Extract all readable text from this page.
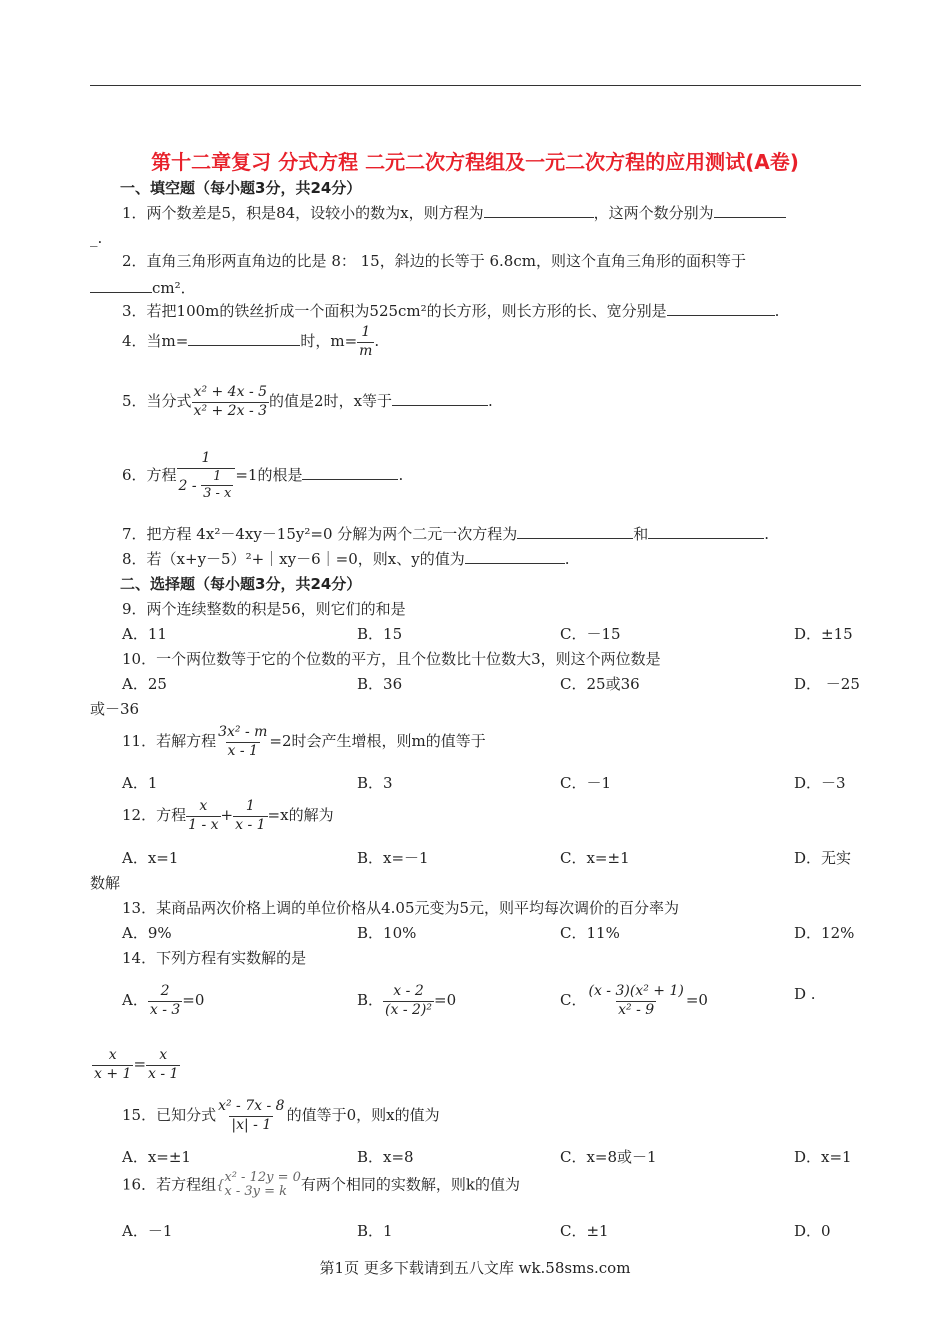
第十二章复习 分式方程 二元二次方程组及一元二次方程的应用测试(A卷)
一、填空题（每小题3分，共24分）
1．两个数差是5，积是84，设较小的数为x，则方程为	，这两个数分别为
_.
2．直角三角形两直角边的比是 8： 15，斜边的长等于 6.8cm，则这个直角三角形的面积等于
cm²．
3．若把100m的铁丝折成一个面积为525cm²的长方形，则长方形的长、宽分别是	.
4．当m=	时，$m= \frac{1}{m}$ .
5．当分式 $\frac{\text{x² + 4x - 5}}{\text{x² + 2x - 3}}$ 的值是2时，x等于	.
6．方程 $\frac{1}{2 - \frac{1}{3 - x}} =1$的根是	.
7．把方程 4x²－4xy－15y²=0 分解为两个二元一次方程为	和	.
8．若（x+y－5）²+｜xy－6｜=0，则x、y的值为	.
二、选择题（每小题3分，共24分）
9．两个连续整数的积是56，则它们的和是
A．11	B．15	C．－15	D．±15
10．一个两位数等于它的个位数的平方，且个位数比十位数大3，则这个两位数是
A．25	B．36	C．25或36	D． －25
或－36
11．若解方程 $\frac{\text{3x² - m}}{x - 1} =2$时会产生增根，则m的值等于
A．1	B．3	C．－1	D．－3
12．方程 $\frac{x}{1 - x} + \frac{1}{x - 1} =x$的解为
A．x=1	B．x=－1	C．x=±1	D．无实
数解
13．某商品两次价格上调的单位价格从4.05元变为5元，则平均每次调价的百分率为
A．9%	B．10%	C．11%	D．12%
14．下列方程有实数解的是
A． $\frac{2}{x - 3} =0$	B． $\frac{x - 2}{\text{(x - 2)²}} =0$	C． $\frac{\text{(x - 3)(x² + 1)}}{\text{x² - 9}} =0$	D .
$\frac{x}{x + 1} = \frac{x}{x - 1}$
15．已知分式 $\frac{\text{x² - 7x - 8}}{|x| - 1}$ 的值等于0，则x的值为
A．x=±1	B．x=8	C．x=8或－1	D．x=1
16．若方程组{
x² - 12y = 0
x - 3y = k 有两个相同的实数解，则k的值为
A．－1	B．1	C．±1	D．0
第1页 更多下载请到五八文库 wk.58sms.com
